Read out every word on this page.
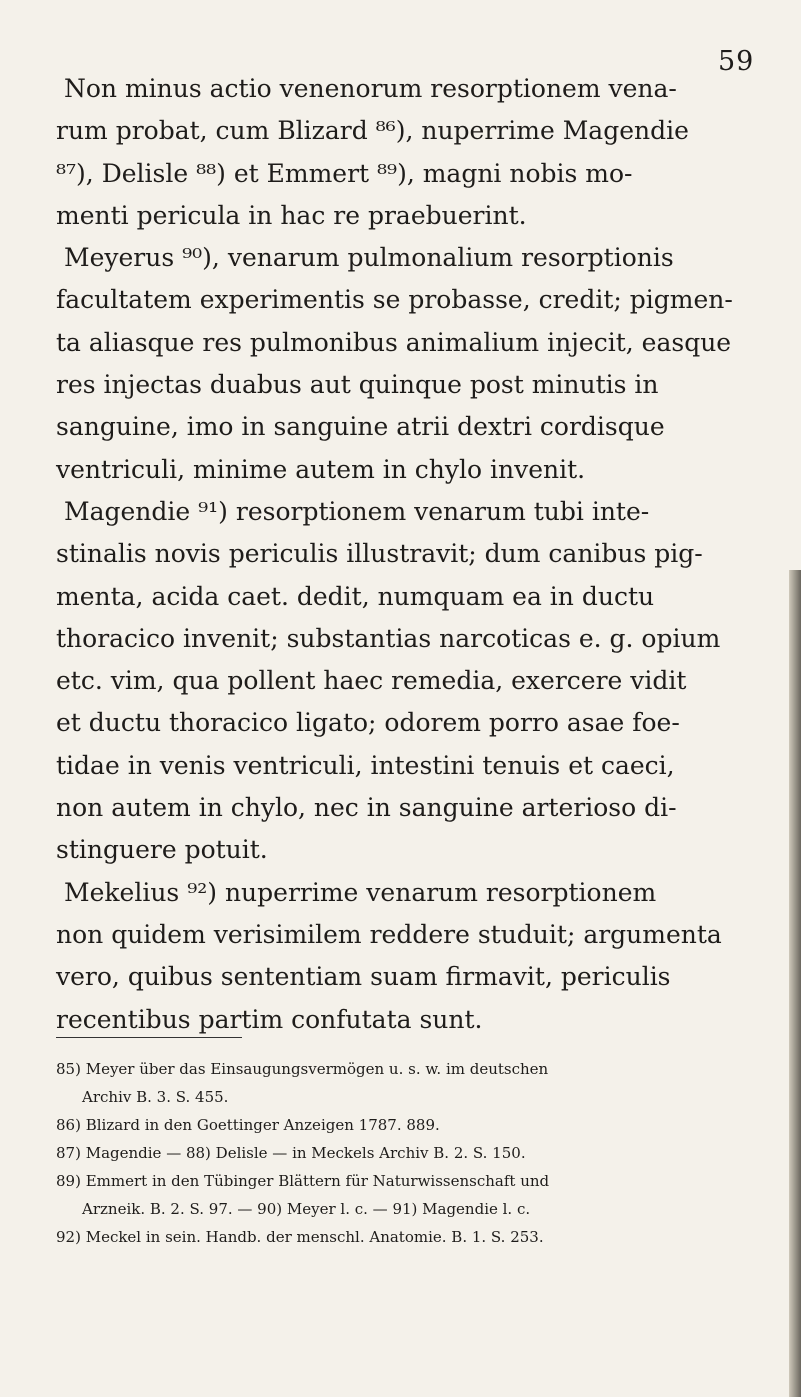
59

Non minus actio venenorum resorptionem vena-
rum probat, cum Blizard ⁸⁶), nuperrime Magendie
⁸⁷), Delisle ⁸⁸) et Emmert ⁸⁹), magni nobis mo-
menti pericula in hac re praebuerint.

Meyerus ⁹⁰), venarum pulmonalium resorptionis
facultatem experimentis se probasse, credit; pigmen-
ta aliasque res pulmonibus animalium injecit, easque
res injectas duabus aut quinque post minutis in
sanguine, imo in sanguine atrii dextri cordisque
ventriculi, minime autem in chylo invenit.

Magendie ⁹¹) resorptionem venarum tubi inte-
stinalis novis periculis illustravit; dum canibus pig-
menta, acida caet. dedit, numquam ea in ductu
thoracico invenit; substantias narcoticas e. g. opium
etc. vim, qua pollent haec remedia, exercere vidit
et ductu thoracico ligato; odorem porro asae foe-
tidae in venis ventriculi, intestini tenuis et caeci,
non autem in chylo, nec in sanguine arterioso di-
stinguere potuit.

Mekelius ⁹²) nuperrime venarum resorptionem
non quidem verisimilem reddere studuit; argumenta
vero, quibus sententiam suam firmavit, periculis
recentibus partim confutata sunt.

85) Meyer über das Einsaugungsvermögen u. s. w. im deutschen
Archiv B. 3. S. 455.
86) Blizard in den Goettinger Anzeigen 1787. 889.
87) Magendie — 88) Delisle — in Meckels Archiv B. 2. S. 150.
89) Emmert in den Tübinger Blättern für Naturwissenschaft und
Arzneik. B. 2. S. 97. — 90) Meyer l. c. — 91) Magendie l. c.
92) Meckel in sein. Handb. der menschl. Anatomie. B. 1. S. 253.
